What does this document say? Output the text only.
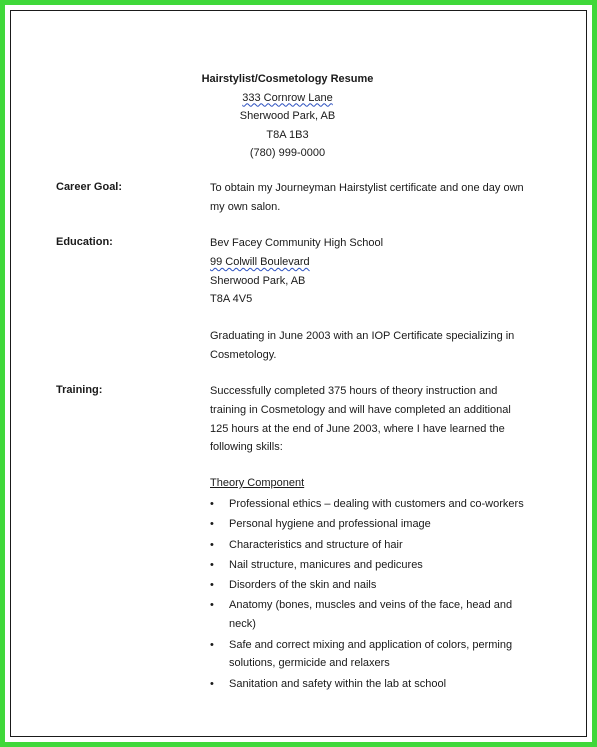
Hairstylist/Cosmetology Resume
333 Cornrow Lane
Sherwood Park, AB
T8A 1B3
(780) 999-0000
Career Goal:	To obtain my Journeyman Hairstylist certificate and one day own my own salon.
Education:	Bev Facey Community High School
99 Colwill Boulevard
Sherwood Park, AB
T8A 4V5
Graduating in June 2003 with an IOP Certificate specializing in Cosmetology.
Training:	Successfully completed 375 hours of theory instruction and training in Cosmetology and will have completed an additional 125 hours at the end of June 2003, where I have learned the following skills:
Theory Component
• Professional ethics – dealing with customers and co-workers
• Personal hygiene and professional image
• Characteristics and structure of hair
• Nail structure, manicures and pedicures
• Disorders of the skin and nails
• Anatomy (bones, muscles and veins of the face, head and neck)
• Safe and correct mixing and application of colors, perming solutions, germicide and relaxers
• Sanitation and safety within the lab at school
